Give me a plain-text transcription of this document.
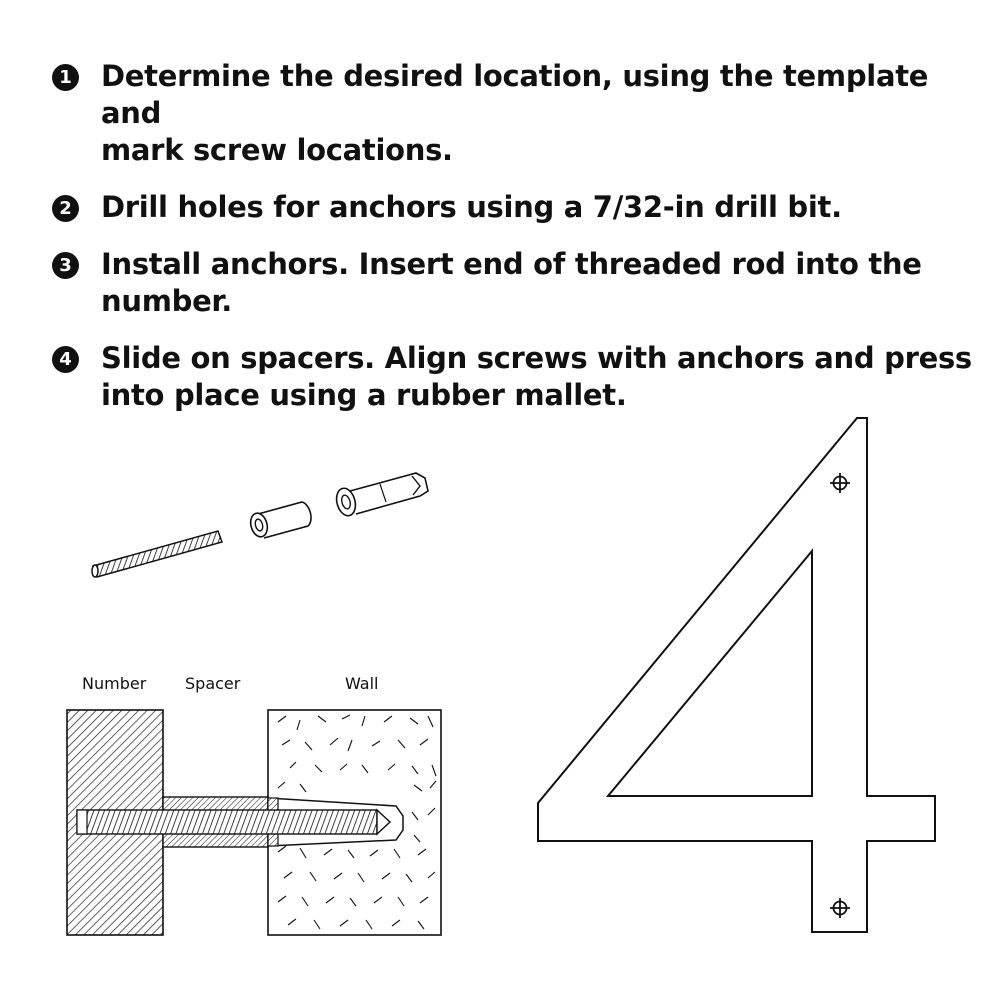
1 Determine the desired location, using the template and
mark screw locations.
2 Drill holes for anchors using a 7/32-in drill bit.
3 Install anchors. Insert end of threaded rod into the number.
4 Slide on spacers. Align screws with anchors and press
into place using a rubber mallet.
Number Spacer	Wall
